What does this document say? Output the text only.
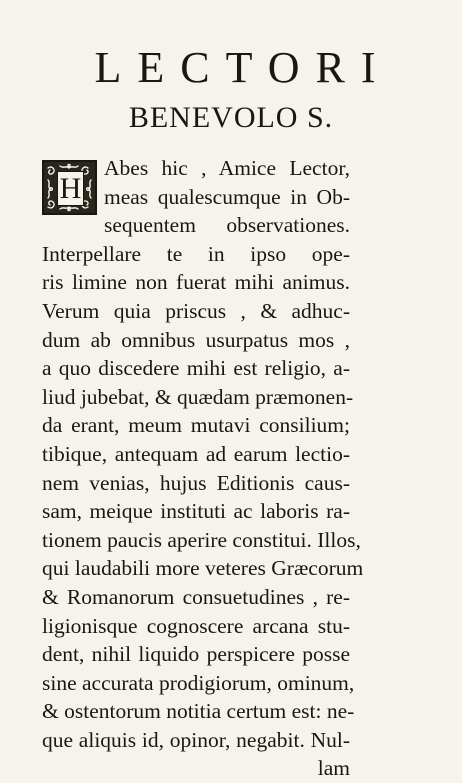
LECTORI
BENEVOLO S.
H
Abes hic , Amice Lector,
meas qualescumque in Ob-
sequentem observationes.
Interpellare te in ipso ope-
ris limine non fuerat mihi animus.
Verum quia priscus , & adhuc-
dum ab omnibus usurpatus mos ,
a quo discedere mihi est religio, a-
liud jubebat, & quædam præmonen-
da erant, meum mutavi consilium;
tibique, antequam ad earum lectio-
nem venias, hujus Editionis caus-
sam, meique instituti ac laboris ra-
tionem paucis aperire constitui. Illos,
qui laudabili more veteres Græcorum
& Romanorum consuetudines , re-
ligionisque cognoscere arcana stu-
dent, nihil liquido perspicere posse
sine accurata prodigiorum, ominum,
& ostentorum notitia certum est: ne-
que aliquis id, opinor, negabit. Nul-
lam
